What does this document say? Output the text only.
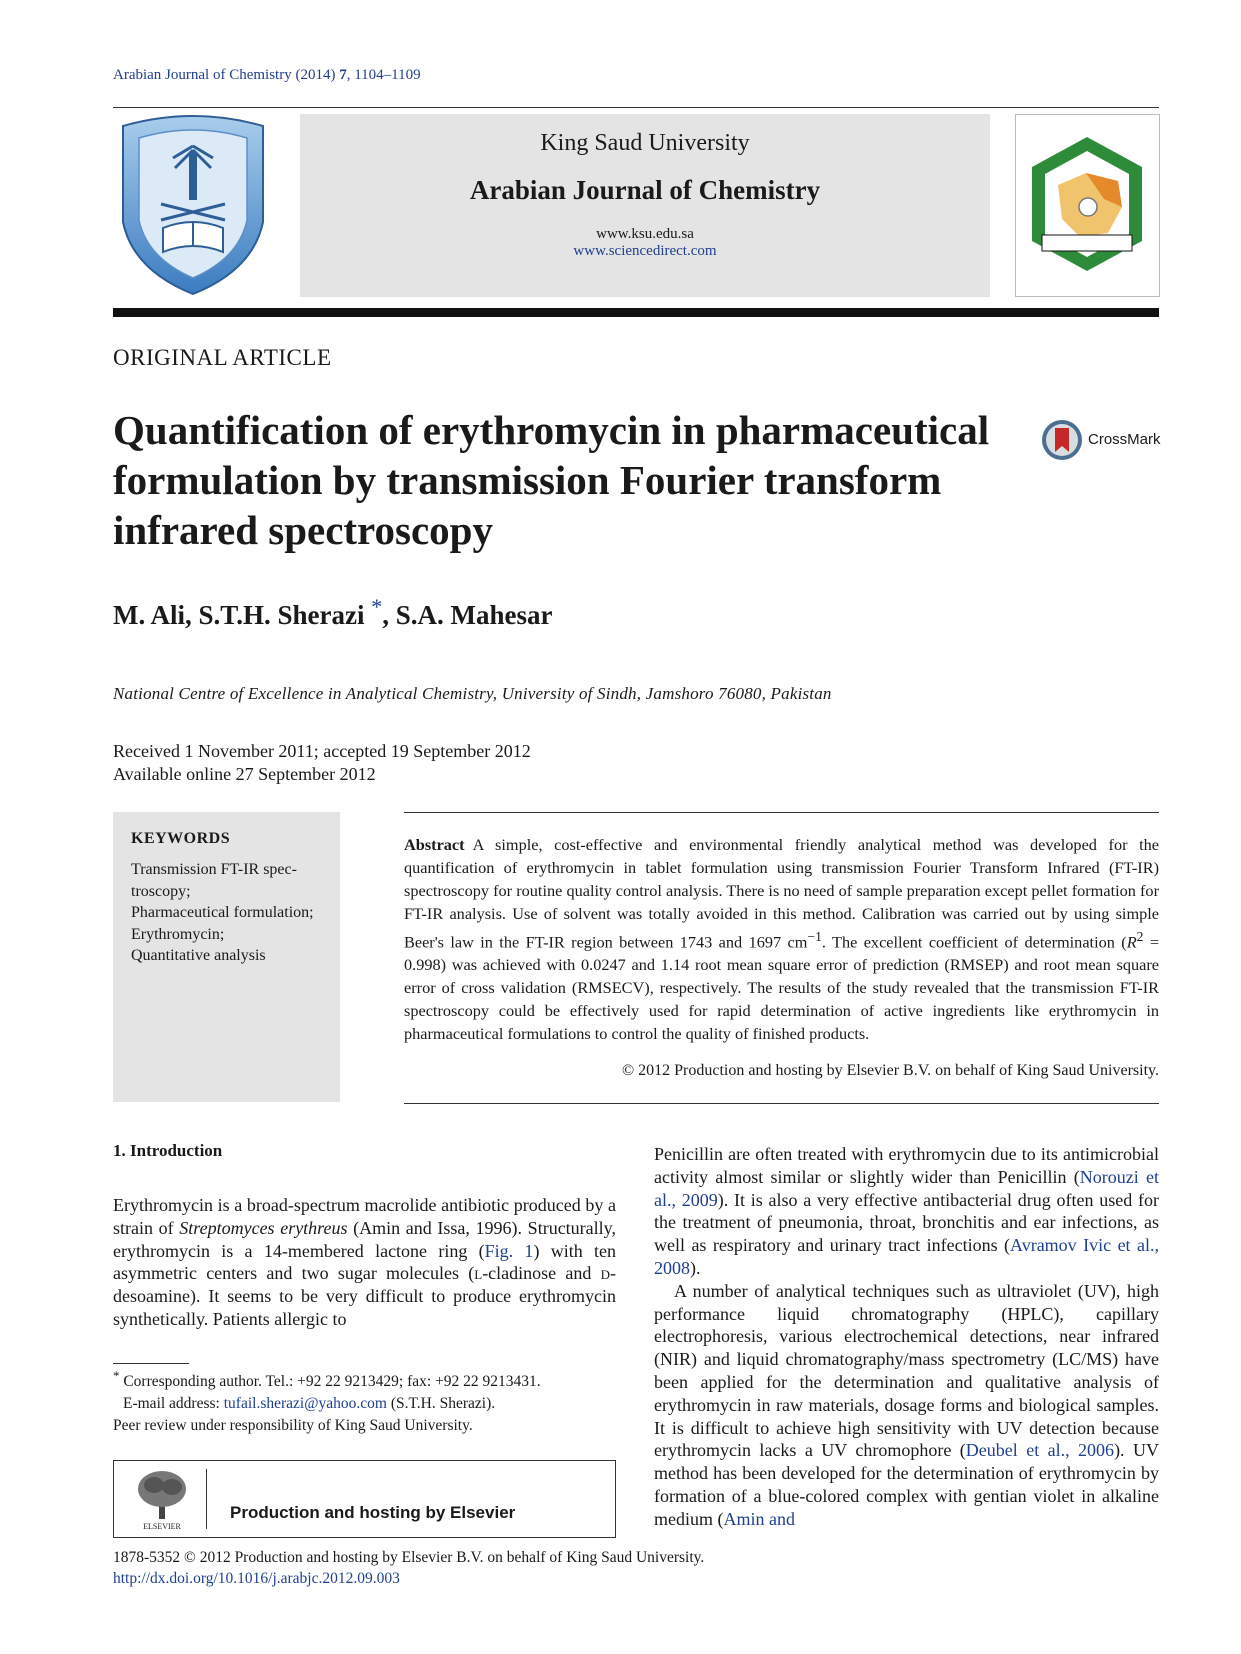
Arabian Journal of Chemistry (2014) 7, 1104–1109
King Saud University
Arabian Journal of Chemistry
www.ksu.edu.sa
www.sciencedirect.com
ORIGINAL ARTICLE
Quantification of erythromycin in pharmaceutical formulation by transmission Fourier transform infrared spectroscopy
CrossMark
M. Ali, S.T.H. Sherazi *, S.A. Mahesar
National Centre of Excellence in Analytical Chemistry, University of Sindh, Jamshoro 76080, Pakistan
Received 1 November 2011; accepted 19 September 2012
Available online 27 September 2012
KEYWORDS
Transmission FT-IR spec-troscopy;
Pharmaceutical formulation;
Erythromycin;
Quantitative analysis
Abstract A simple, cost-effective and environmental friendly analytical method was developed for the quantification of erythromycin in tablet formulation using transmission Fourier Transform Infrared (FT-IR) spectroscopy for routine quality control analysis. There is no need of sample preparation except pellet formation for FT-IR analysis. Use of solvent was totally avoided in this method. Calibration was carried out by using simple Beer's law in the FT-IR region between 1743 and 1697 $cm^{-1}$. The excellent coefficient of determination $(R^2 = 0.998)$ was achieved with 0.0247 and 1.14 root mean square error of prediction (RMSEP) and root mean square error of cross validation (RMSECV), respectively. The results of the study revealed that the transmission FT-IR spectroscopy could be effectively used for rapid determination of active ingredients like erythromycin in pharmaceutical formulations to control the quality of finished products.
© 2012 Production and hosting by Elsevier B.V. on behalf of King Saud University.
1. Introduction
Erythromycin is a broad-spectrum macrolide antibiotic produced by a strain of Streptomyces erythreus (Amin and Issa, 1996). Structurally, erythromycin is a 14-membered lactone ring (Fig. 1) with ten asymmetric centers and two sugar molecules (l-cladinose and d-desoamine). It seems to be very difficult to produce erythromycin synthetically. Patients allergic to

Penicillin are often treated with erythromycin due to its antimicrobial activity almost similar or slightly wider than Penicillin (Norouzi et al., 2009). It is also a very effective antibacterial drug often used for the treatment of pneumonia, throat, bronchitis and ear infections, as well as respiratory and urinary tract infections (Avramov Ivic et al., 2008).

A number of analytical techniques such as ultraviolet (UV), high performance liquid chromatography (HPLC), capillary electrophoresis, various electrochemical detections, near infrared (NIR) and liquid chromatography/mass spectrometry (LC/MS) have been applied for the determination and qualitative analysis of erythromycin in raw materials, dosage forms and biological samples. It is difficult to achieve high sensitivity with UV detection because erythromycin lacks a UV chromophore (Deubel et al., 2006). UV method has been developed for the determination of erythromycin by formation of a blue-colored complex with gentian violet in alkaline medium (Amin and

* Corresponding author. Tel.: +92 22 9213429; fax: +92 22 9213431.
E-mail address: tufail.sherazi@yahoo.com (S.T.H. Sherazi).
Peer review under responsibility of King Saud University.
ELSEVIER
Production and hosting by Elsevier
1878-5352 © 2012 Production and hosting by Elsevier B.V. on behalf of King Saud University.
http://dx.doi.org/10.1016/j.arabjc.2012.09.003
